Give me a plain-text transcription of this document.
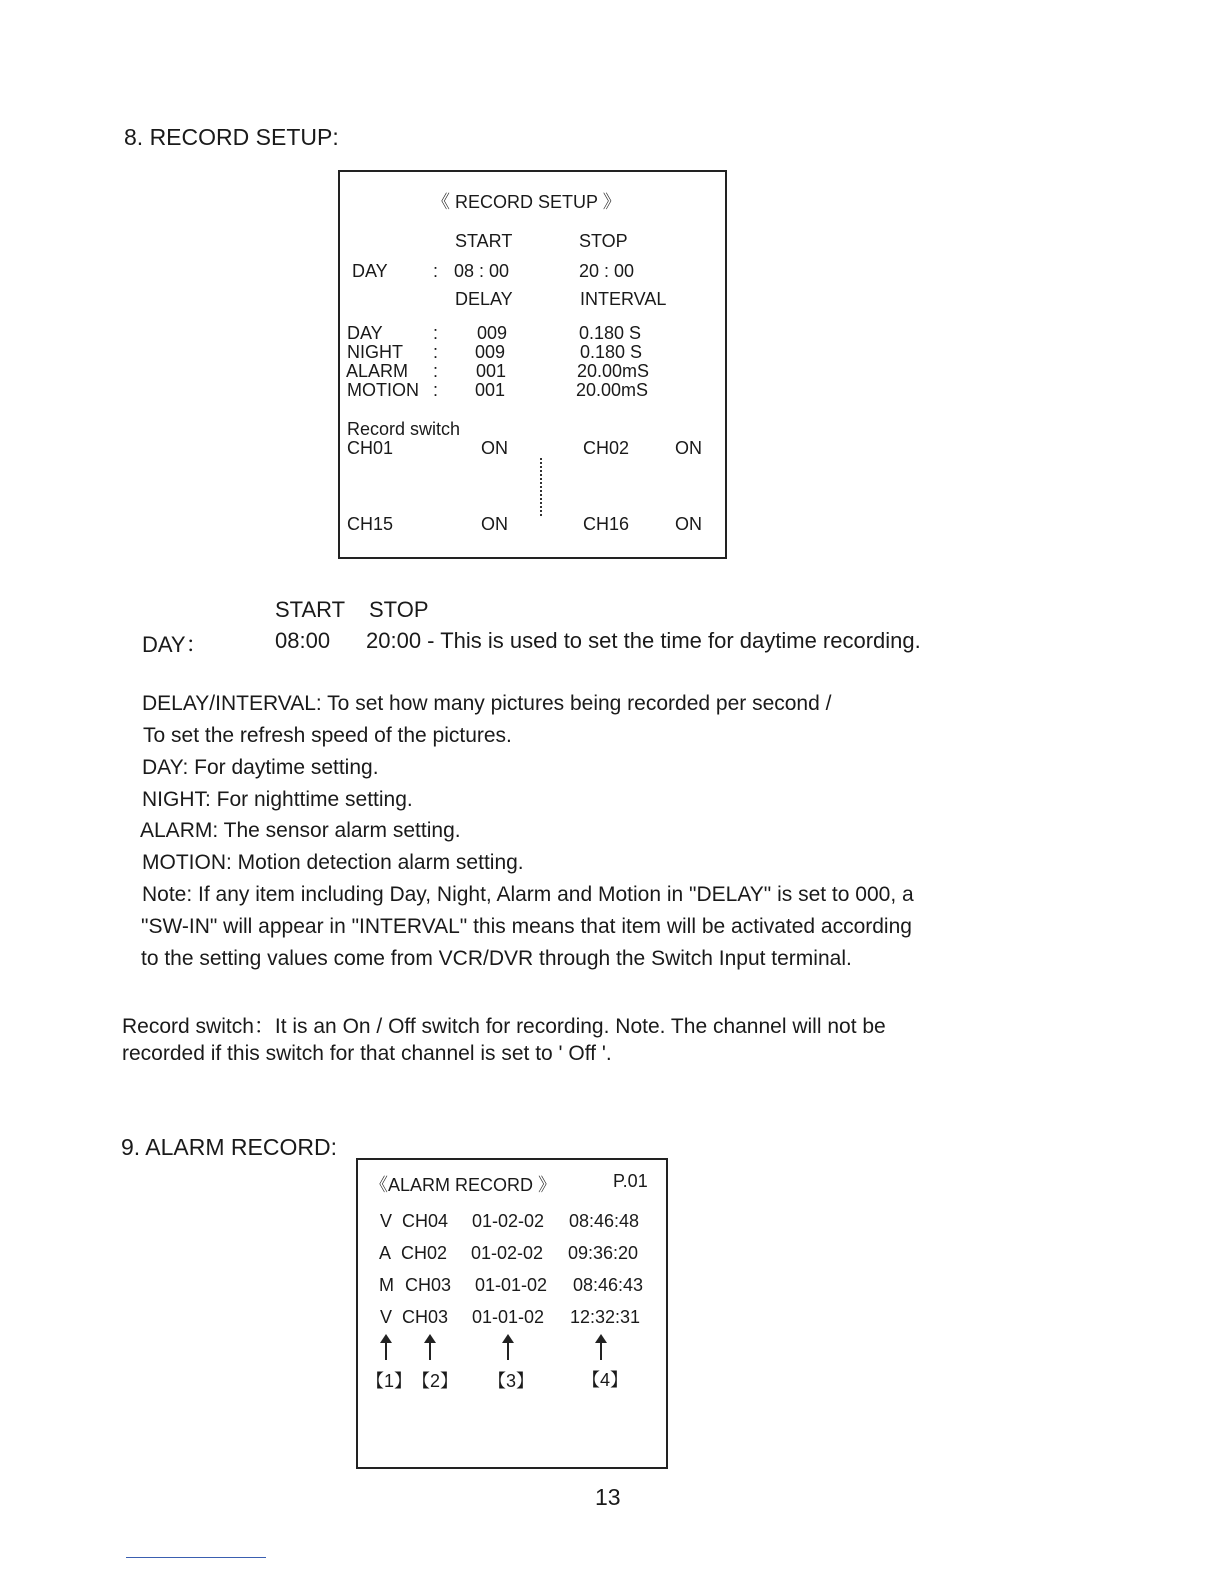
8. RECORD SETUP:
《 RECORD SETUP 》
START	STOP
DAY	: 08 : 00	20 : 00
DELAY	INTERVAL
DAY	: 009	0.180 S
NIGHT : 009	0.180 S
ALARM : 001	20.00mS
MOTION : 001	20.00mS
Record switch
CH01	ON	CH02	ON
CH15	ON	CH16	ON
START STOP
DAY：	08:00 20:00 - This is used to set the time for daytime recording.
DELAY/INTERVAL: To set how many pictures being recorded per second /
To set the refresh speed of the pictures.
DAY: For daytime setting.
NIGHT: For nighttime setting.
ALARM: The sensor alarm setting.
MOTION: Motion detection alarm setting.
Note: If any item including Day, Night, Alarm and Motion in "DELAY" is set to 000, a
"SW-IN" will appear in "INTERVAL" this means that item will be activated according
to the setting values come from VCR/DVR through the Switch Input terminal.
Record switch：It is an On / Off switch for recording. Note. The channel will not be
recorded if this switch for that channel is set to ' Off '.
9. ALARM RECORD:
《ALARM RECORD 》	P.01
V CH04 01-02-02 08:46:48
A CH02 01-02-02 09:36:20
M CH03 01-01-02 08:46:43
V CH03 01-01-02 12:32:31
【1】 【2】 【3】	【4】
13
